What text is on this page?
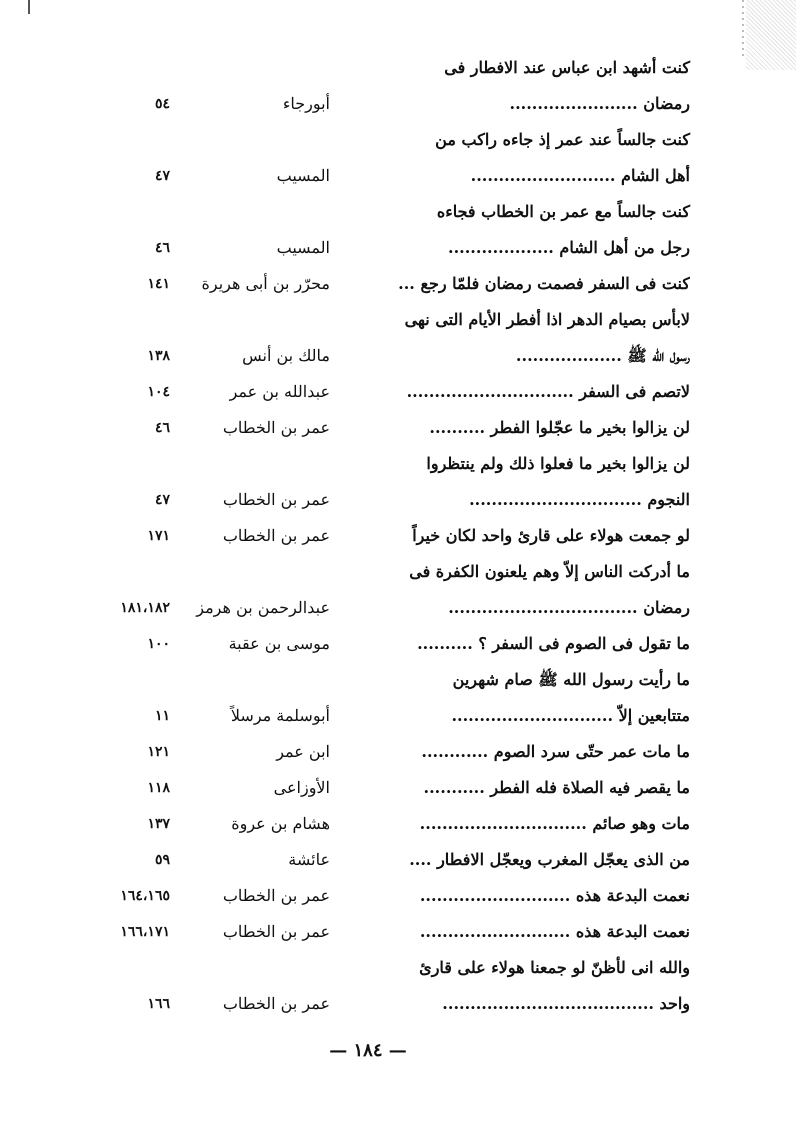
كنت أشهد ابن عباس عند الافطار فى
رمضان .......................
أبورجاء
٥٤
كنت جالساً عند عمر إذ جاءه راكب من
أهل الشام ..........................
المسيب
٤٧
كنت جالساً مع عمر بن الخطاب فجاءه
رجل من أهل الشام ...................
المسيب
٤٦
كنت فى السفر فصمت رمضان فلمّا رجع ...
محرّر بن أبى هريرة
١٤١
لابأس بصيام الدهر اذا أفطر الأيام التى نهى
رسول الله ﷺ ...................
مالك بن أنس
١٣٨
لاتصم فى السفر ..............................
عبدالله بن عمر
١٠٤
لن يزالوا بخير ما عجّلوا الفطر ..........
عمر بن الخطاب
٤٦
لن يزالوا بخير ما فعلوا ذلك ولم ينتظروا
النجوم ...............................
عمر بن الخطاب
٤٧
لو جمعت هولاء على قارئ واحد لكان خيراً
عمر بن الخطاب
١٧١
ما أدركت الناس إلاّ وهم يلعنون الكفرة فى
رمضان ..................................
عبدالرحمن بن هرمز
١٨١،١٨٢
ما تقول فى الصوم فى السفر ؟ ..........
موسى بن عقبة
١٠٠
ما رأيت رسول الله ﷺ صام شهرين
متتابعين إلاّ .............................
أبوسلمة مرسلاً
١١
ما مات عمر حتّى سرد الصوم ............
ابن عمر
١٢١
ما يقصر فيه الصلاة فله الفطر ...........
الأوزاعى
١١٨
مات وهو صائم ..............................
هشام بن عروة
١٣٧
من الذى يعجّل المغرب ويعجّل الافطار ....
عائشة
٥٩
نعمت البدعة هذه ...........................
عمر بن الخطاب
١٦٤،١٦٥
نعمت البدعة هذه ...........................
عمر بن الخطاب
١٦٦،١٧١
والله انى لأظنّ لو جمعنا هولاء على قارئ
واحد ......................................
عمر بن الخطاب
١٦٦
— ١٨٤ —
